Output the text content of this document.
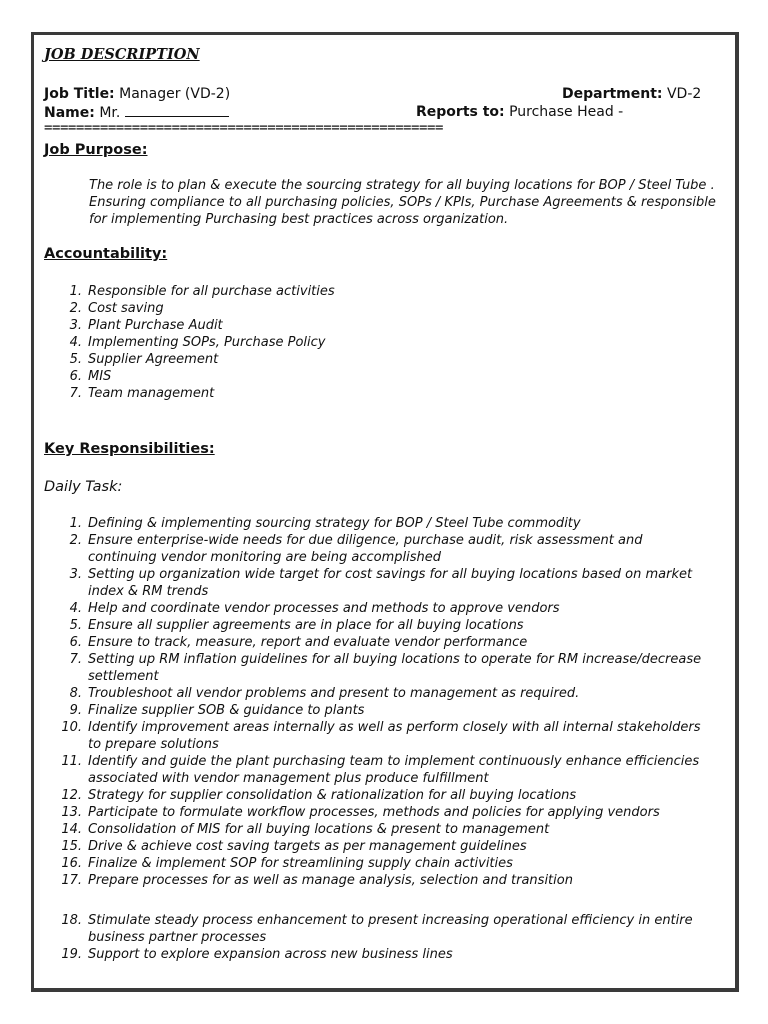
JOB DESCRIPTION
Job Title: Manager (VD-2)	Department: VD-2
Name: Mr.	Reports to: Purchase Head -
==================================================
Job Purpose:
The role is to plan & execute the sourcing strategy for all buying locations for BOP / Steel Tube . Ensuring compliance to all purchasing policies, SOPs / KPIs, Purchase Agreements & responsible for implementing Purchasing best practices across organization.
Accountability:
1. Responsible for all purchase activities
2. Cost saving
3. Plant Purchase Audit
4. Implementing SOPs, Purchase Policy
5. Supplier Agreement
6. MIS
7. Team management
Key Responsibilities:
Daily Task:
1. Defining & implementing sourcing strategy for BOP / Steel Tube commodity
2. Ensure enterprise-wide needs for due diligence, purchase audit, risk assessment and continuing vendor monitoring are being accomplished
3. Setting up organization wide target for cost savings for all buying locations based on market index & RM trends
4. Help and coordinate vendor processes and methods to approve vendors
5. Ensure all supplier agreements are in place for all buying locations
6. Ensure to track, measure, report and evaluate vendor performance
7. Setting up RM inflation guidelines for all buying locations to operate for RM increase/decrease settlement
8. Troubleshoot all vendor problems and present to management as required.
9. Finalize supplier SOB & guidance to plants
10. Identify improvement areas internally as well as perform closely with all internal stakeholders to prepare solutions
11. Identify and guide the plant purchasing team to implement continuously enhance efficiencies associated with vendor management plus produce fulfillment
12. Strategy for supplier consolidation & rationalization for all buying locations
13. Participate to formulate workflow processes, methods and policies for applying vendors
14. Consolidation of MIS for all buying locations & present to management
15. Drive & achieve cost saving targets as per management guidelines
16. Finalize & implement SOP for streamlining supply chain activities
17. Prepare processes for as well as manage analysis, selection and transition
18. Stimulate steady process enhancement to present increasing operational efficiency in entire business partner processes
19. Support to explore expansion across new business lines
